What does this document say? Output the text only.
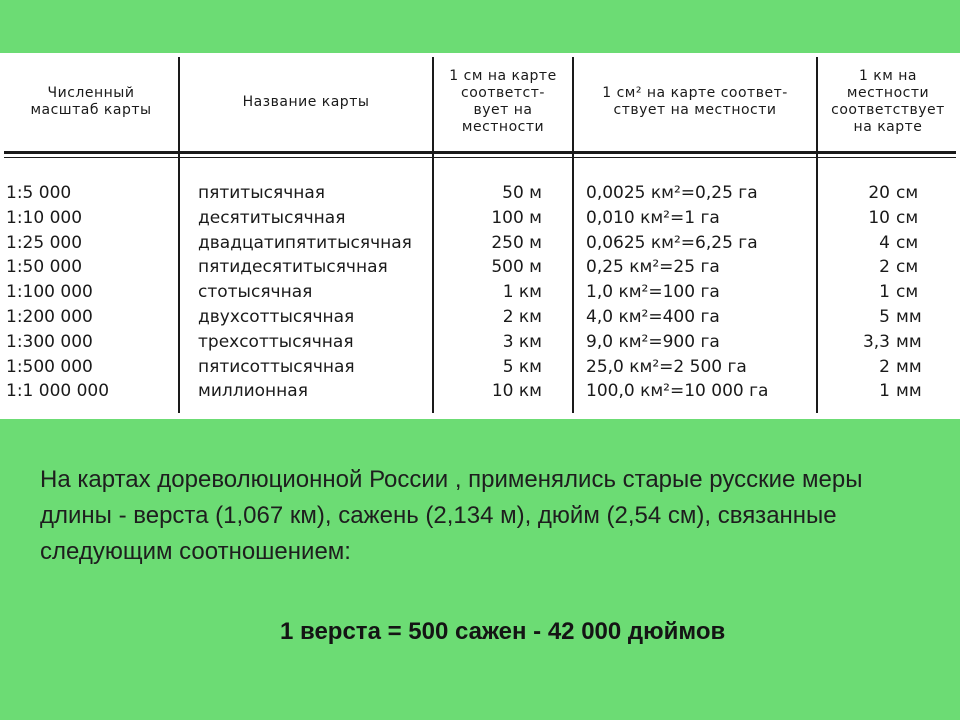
Численный
масштаб карты
Название карты
1 см на карте
соответст-
вует на
местности
1 см² на карте соответ-
ствует на местности
1 км на
местности
соответствует
на карте
1:5 000
1:10 000
1:25 000
1:50 000
1:100 000
1:200 000
1:300 000
1:500 000
1:1 000 000
пятитысячная
десятитысячная
двадцатипятитысячная
пятидесятитысячная
стотысячная
двухсоттысячная
трехсоттысячная
пятисоттысячная
миллионная
50 м
100 м
250 м
500 м
1 км
2 км
3 км
5 км
10 км
0,0025 км²=0,25 га
0,010 км²=1 га
0,0625 км²=6,25 га
0,25 км²=25 га
1,0 км²=100 га
4,0 км²=400 га
9,0 км²=900 га
25,0 км²=2 500 га
100,0 км²=10 000 га
20 см
10 см
4 см
2 см
1 см
5 мм
3,3 мм
2 мм
1 мм

На картах дореволюционной России , применялись старые русские меры длины - верста (1,067 км), сажень (2,134 м), дюйм (2,54 см), связанные следующим соотношением:

1 верста = 500 сажен - 42 000 дюймов
